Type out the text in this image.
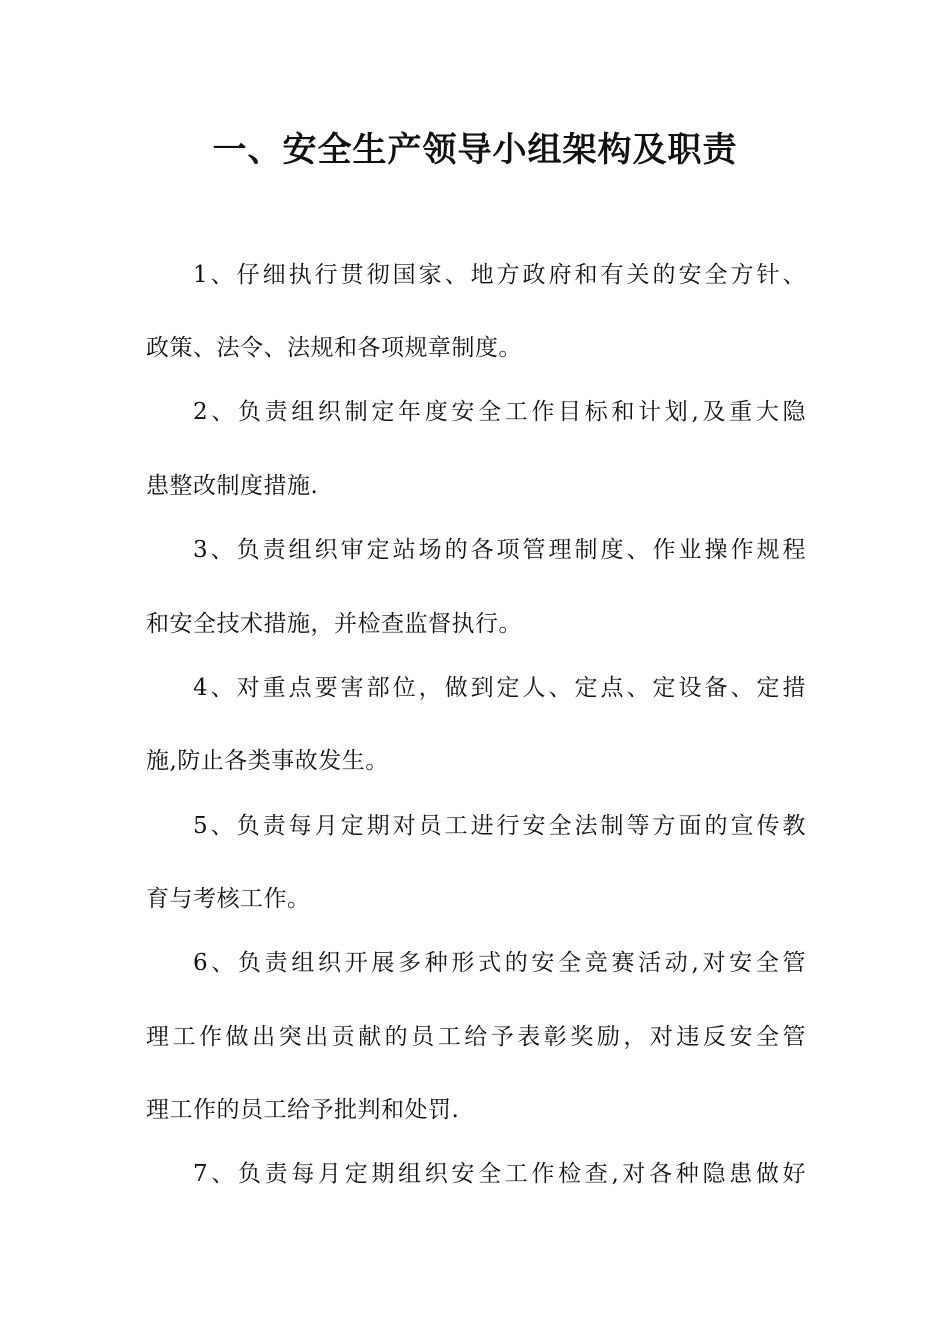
一、安全生产领导小组架构及职责
1、仔细执行贯彻国家、地方政府和有关的安全方针、
政策、法令、法规和各项规章制度。
2、负责组织制定年度安全工作目标和计划,及重大隐
患整改制度措施.
3、负责组织审定站场的各项管理制度、作业操作规程
和安全技术措施，并检查监督执行。
4、对重点要害部位，做到定人、定点、定设备、定措
施,防止各类事故发生。
5、负责每月定期对员工进行安全法制等方面的宣传教
育与考核工作。
6、负责组织开展多种形式的安全竞赛活动,对安全管
理工作做出突出贡献的员工给予表彰奖励，对违反安全管
理工作的员工给予批判和处罚.
7、负责每月定期组织安全工作检查,对各种隐患做好
